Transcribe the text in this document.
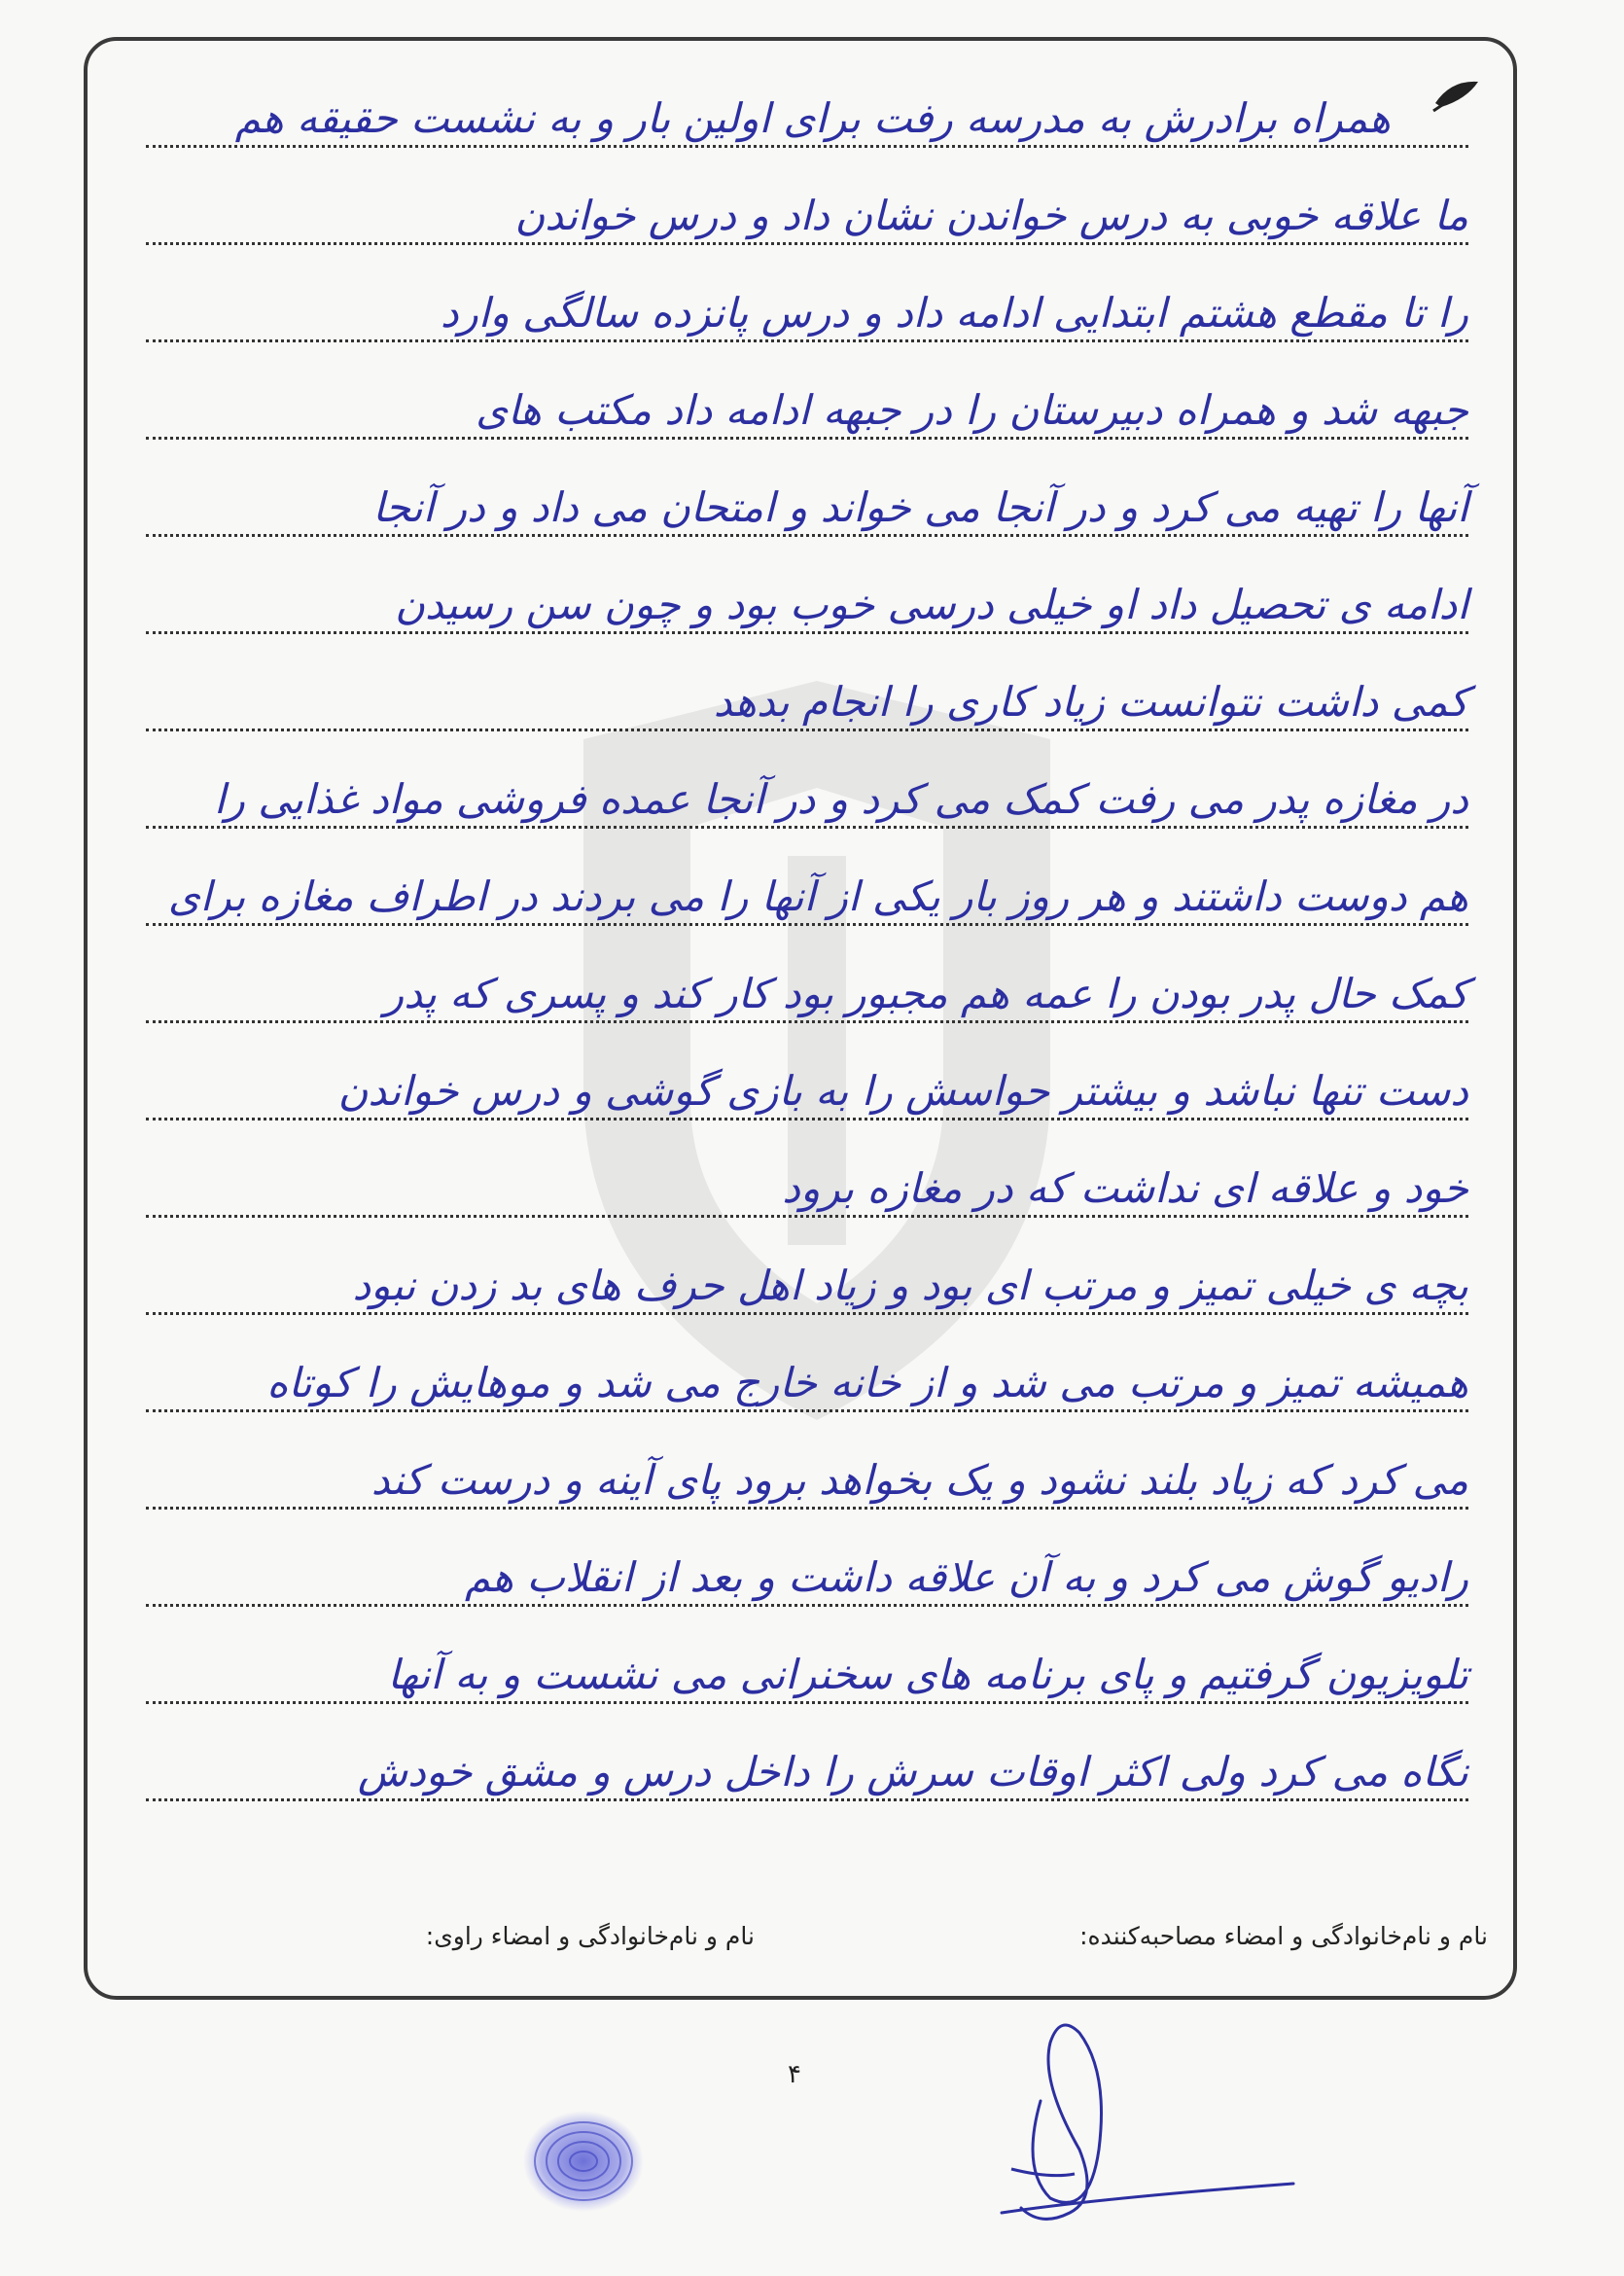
همراه برادرش به مدرسه رفت برای اولین بار و به نشست حقیقه هم
ما علاقه خوبی به درس خواندن نشان داد و درس خواندن
را تا مقطع هشتم ابتدایی ادامه داد و درس پانزده سالگی وارد
جبهه شد و همراه دبیرستان را در جبهه ادامه داد مکتب های
آنها را تهیه می کرد و در آنجا می خواند و امتحان می داد و در آنجا
ادامه ی تحصیل داد او خیلی درسی خوب بود و چون سن رسیدن
کمی داشت نتوانست زیاد کاری را انجام بدهد
در مغازه پدر می رفت کمک می کرد و در آنجا عمده فروشی مواد غذایی را
هم دوست داشتند و هر روز بار یکی از آنها را می بردند در اطراف مغازه برای
کمک حال پدر بودن را عمه هم مجبور بود کار کند و پسری که پدر
دست تنها نباشد و بیشتر حواسش را به بازی گوشی و درس خواندن
خود و علاقه ای نداشت که در مغازه برود
بچه ی خیلی تمیز و مرتب ای بود و زیاد اهل حرف های بد زدن نبود
همیشه تمیز و مرتب می شد و از خانه خارج می شد و موهایش را کوتاه
می کرد که زیاد بلند نشود و یک بخواهد برود پای آینه و درست کند
رادیو گوش می کرد و به آن علاقه داشت و بعد از انقلاب هم
تلویزیون گرفتیم و پای برنامه های سخنرانی می نشست و به آنها
نگاه می کرد ولی اکثر اوقات سرش را داخل درس و مشق خودش
نام و نام‌خانوادگی و امضاء مصاحبه‌کننده:
نام و نام‌خانوادگی و امضاء راوی:
۴
